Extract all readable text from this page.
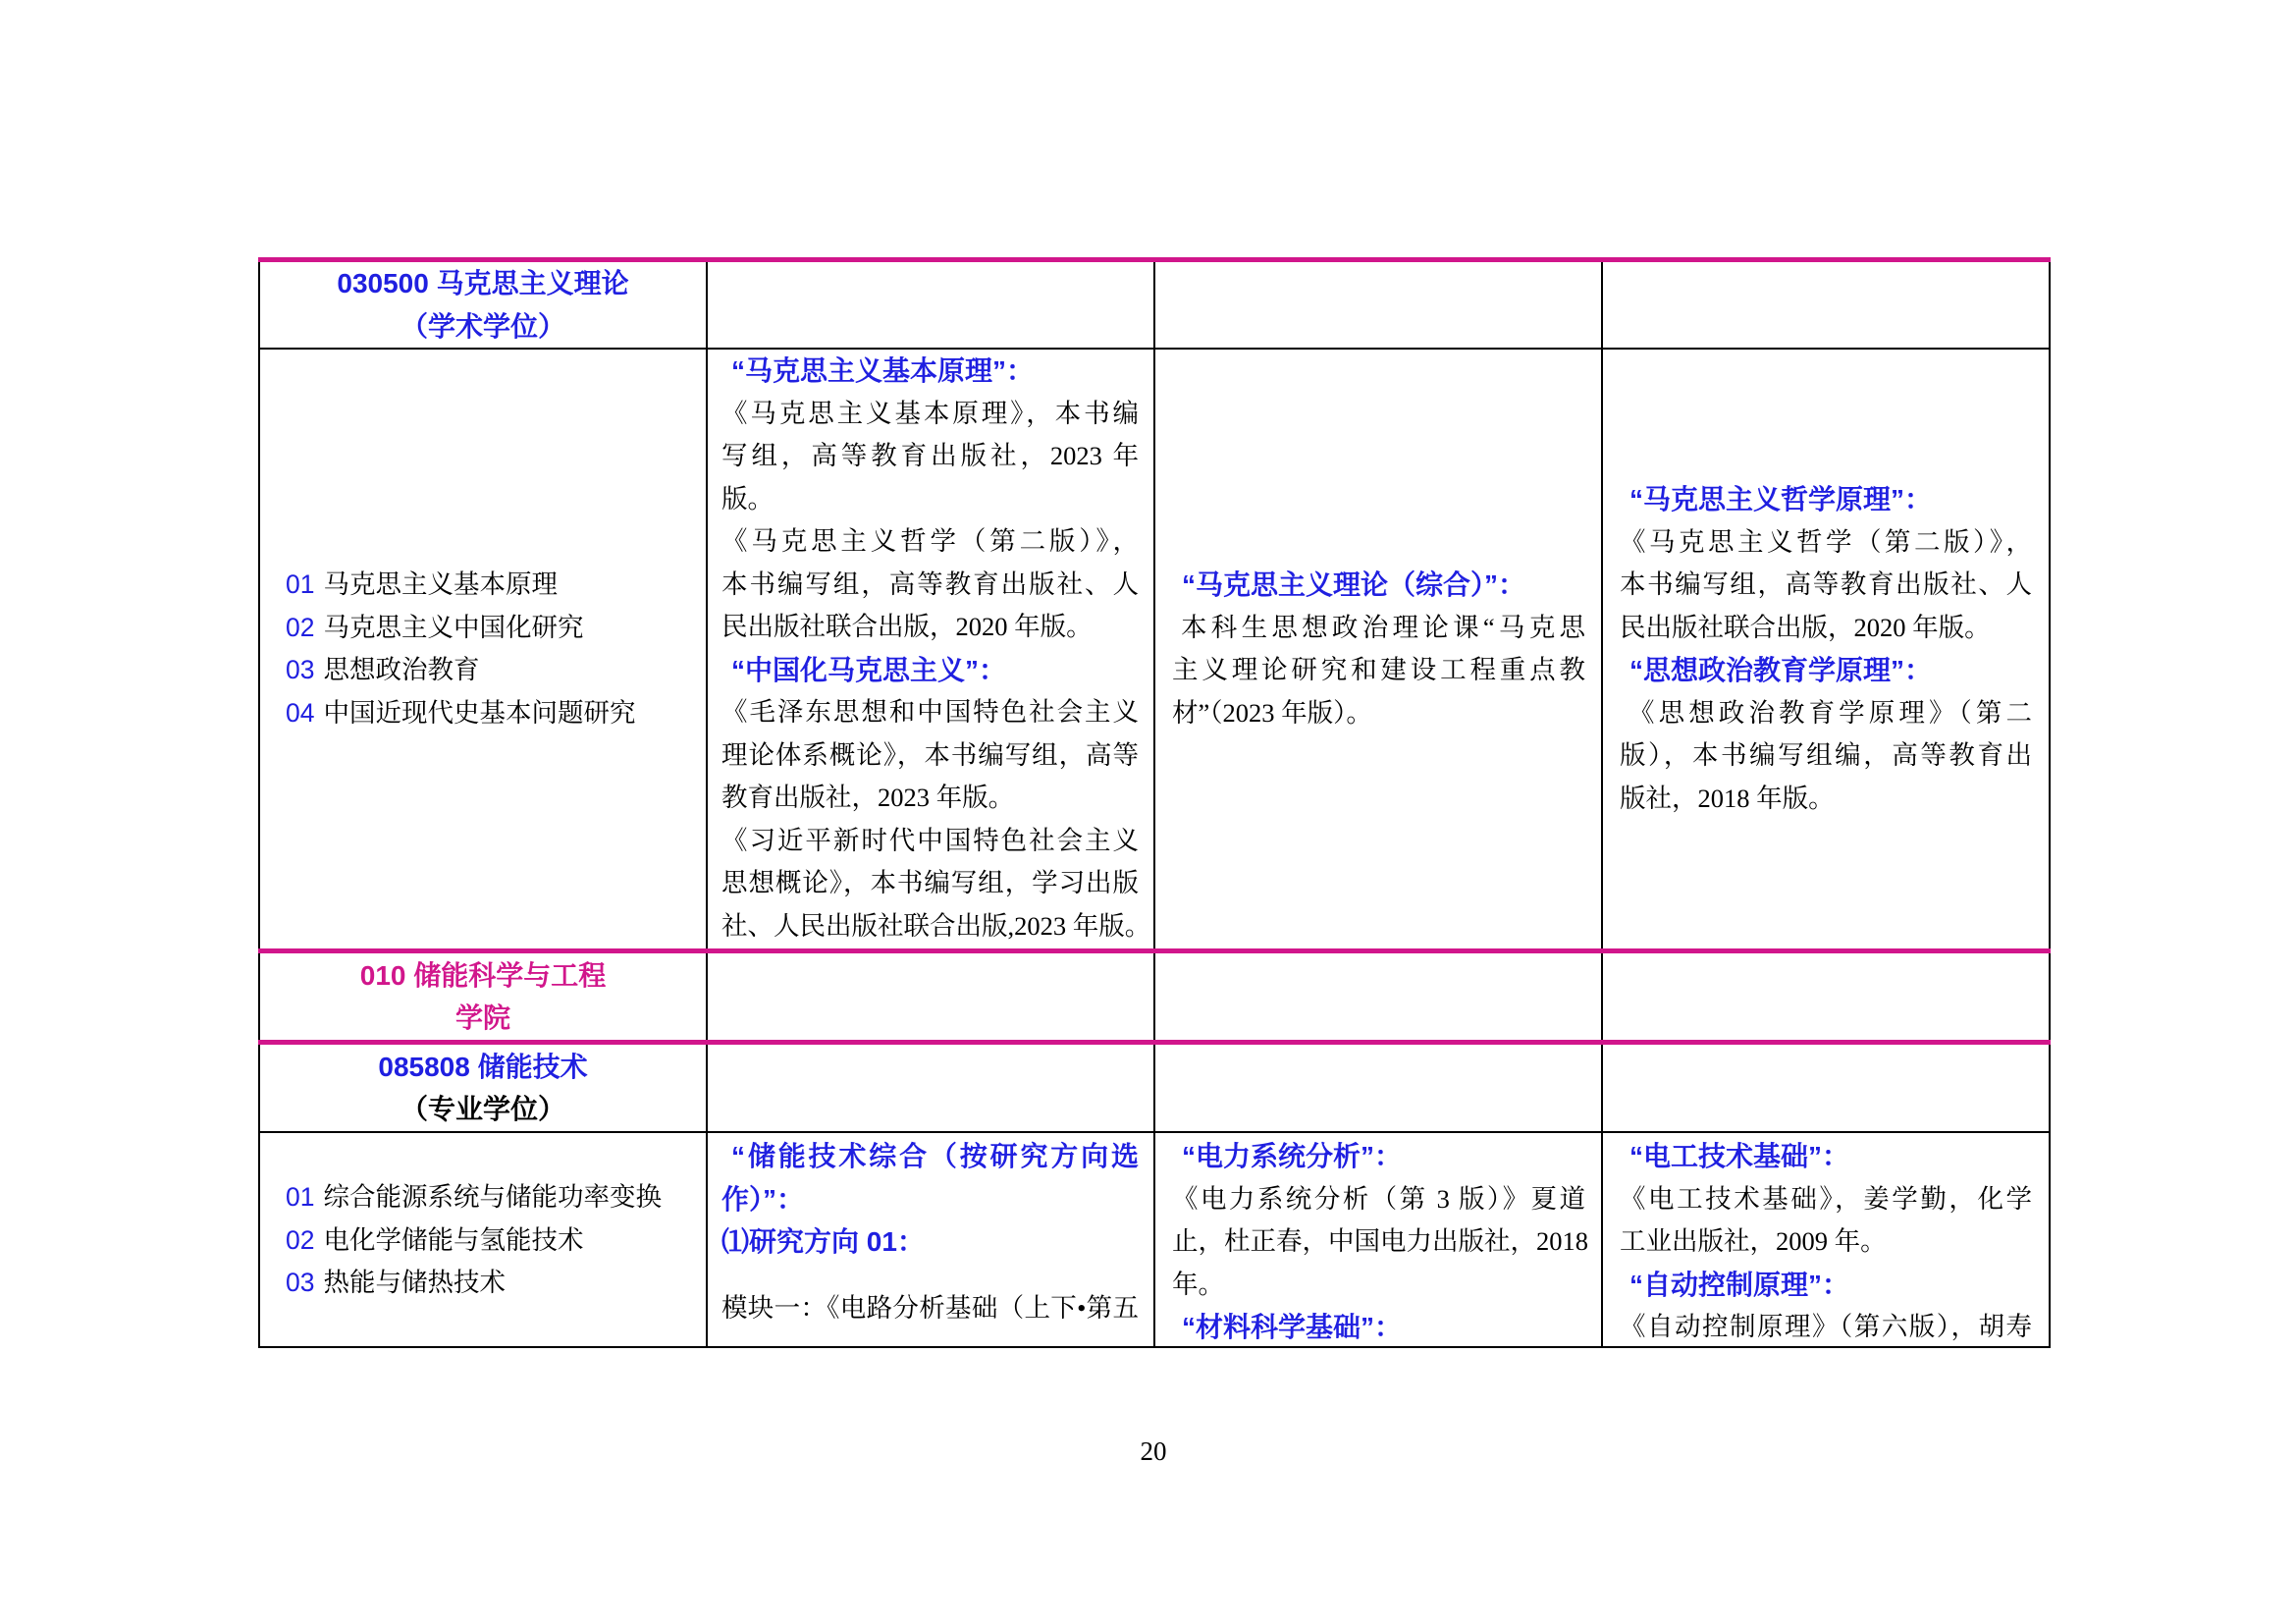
030500 马克思主义理论
（学术学位）
01 马克思主义基本原理
02 马克思主义中国化研究
03 思想政治教育
04 中国近现代史基本问题研究
“马克思主义基本原理”：
《马克思主义基本原理》，本书编
写组，高等教育出版社，2023 年
版。
《马克思主义哲学（第二版）》，
本书编写组，高等教育出版社、人
民出版社联合出版，2020 年版。
“中国化马克思主义”：
《毛泽东思想和中国特色社会主义
理论体系概论》，本书编写组，高等
教育出版社，2023 年版。
《习近平新时代中国特色社会主义
思想概论》，本书编写组，学习出版
社、人民出版社联合出版,2023 年版。
“马克思主义理论（综合）”：
本科生思想政治理论课“马克思
主义理论研究和建设工程重点教
材”（2023 年版）。
“马克思主义哲学原理”：
《马克思主义哲学（第二版）》，
本书编写组，高等教育出版社、人
民出版社联合出版，2020 年版。
“思想政治教育学原理”：
《思想政治教育学原理》（第二
版），本书编写组编，高等教育出
版社，2018 年版。
010 储能科学与工程
学院
085808 储能技术
（专业学位）
01 综合能源系统与储能功率变换
02 电化学储能与氢能技术
03 热能与储热技术
“储能技术综合（按研究方向选
作）”：
⑴研究方向 01：
模块一：《电路分析基础（上下•第五
“电力系统分析”：
《电力系统分析（第 3 版）》夏道
止，杜正春，中国电力出版社，2018
年。
“材料科学基础”：
“电工技术基础”：
《电工技术基础》，姜学勤，化学
工业出版社，2009 年。
“自动控制原理”：
《自动控制原理》（第六版），胡寿
20
